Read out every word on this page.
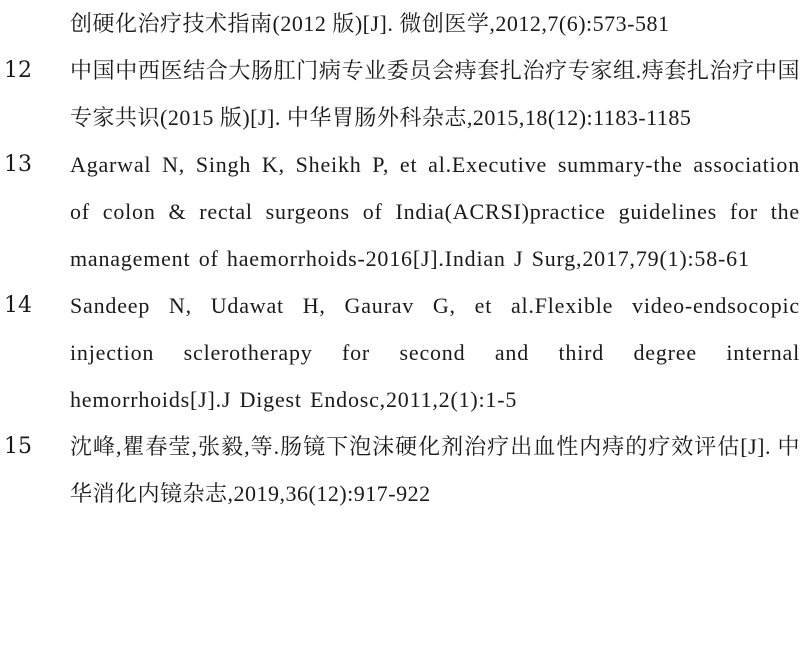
创硬化治疗技术指南(2012 版)[J]. 微创医学,2012,7(6):573-581
12 中国中西医结合大肠肛门病专业委员会痔套扎治疗专家组.痔套扎治疗中国专家共识(2015 版)[J]. 中华胃肠外科杂志,2015,18(12):1183-1185
13 Agarwal N, Singh K, Sheikh P, et al.Executive summary-the association of colon & rectal surgeons of India(ACRSI)practice guidelines for the management of haemorrhoids-2016[J].Indian J Surg,2017,79(1):58-61
14 Sandeep N, Udawat H, Gaurav G, et al.Flexible video-endsocopic injection sclerotherapy for second and third degree internal hemorrhoids[J].J Digest Endosc,2011,2(1):1-5
15 沈峰,瞿春莹,张毅,等.肠镜下泡沫硬化剂治疗出血性内痔的疗效评估[J]. 中华消化内镜杂志,2019,36(12):917-922
